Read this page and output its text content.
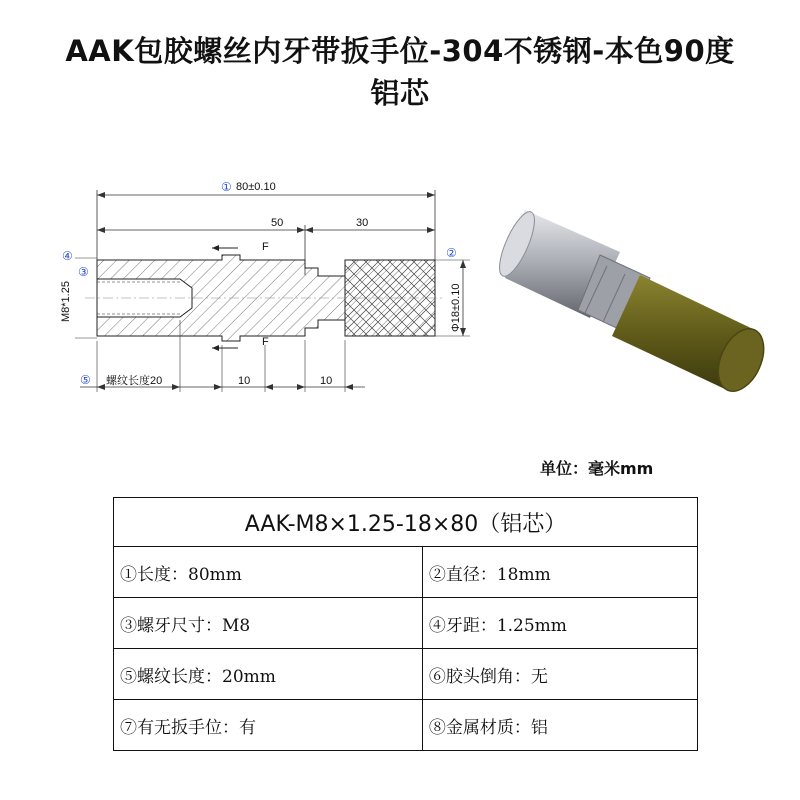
AAK包胶螺丝内牙带扳手位-304不锈钢-本色90度
铝芯
① 80±0.10
50	30
F
F
④
③
M8*1.25
②
Φ18±0.10
⑤ 螺纹长度20	10	10
单位：毫米mm
AAK-M8×1.25-18×80（铝芯）	
①长度：80mm	②直径：18mm
③螺牙尺寸：M8	④牙距：1.25mm
⑤螺纹长度：20mm	⑥胶头倒角：无
⑦有无扳手位：有	⑧金属材质：铝
